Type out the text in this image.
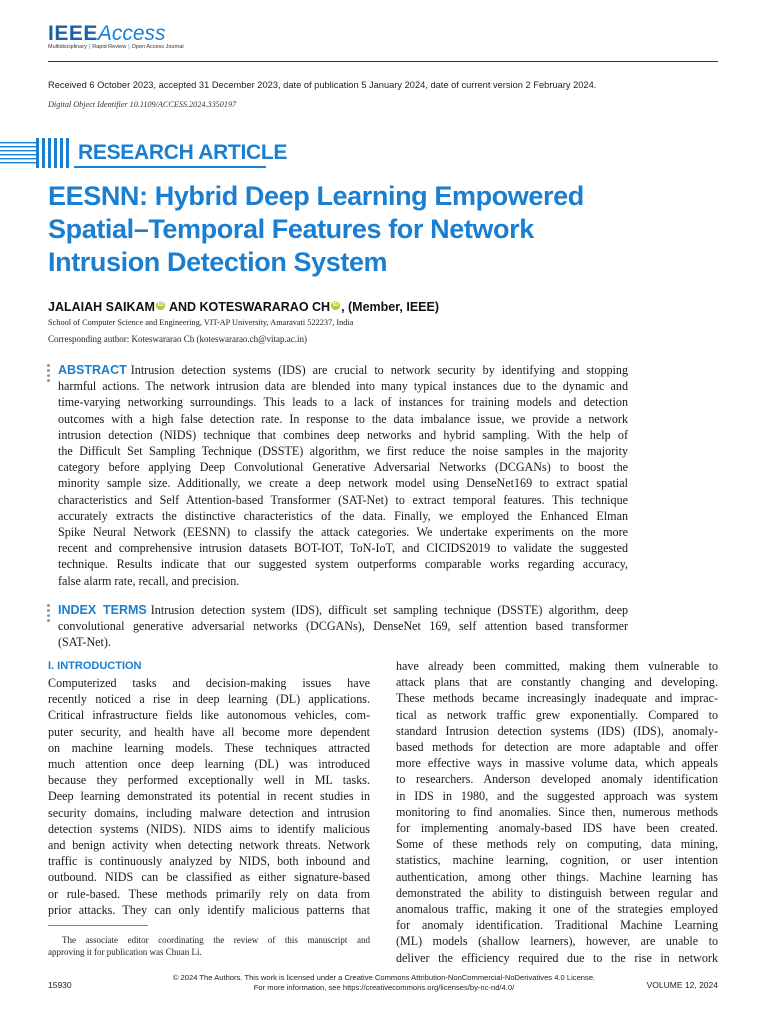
IEEEAccess
Multidisciplinary | Rapid Review | Open Access Journal
Received 6 October 2023, accepted 31 December 2023, date of publication 5 January 2024, date of current version 2 February 2024.
Digital Object Identifier 10.1109/ACCESS.2024.3350197
RESEARCH ARTICLE
EESNN: Hybrid Deep Learning Empowered
Spatial–Temporal Features for Network
Intrusion Detection System
JALAIAH SAIKAM iD AND KOTESWARARAO CH iD , (Member, IEEE)
School of Computer Science and Engineering, VIT-AP University, Amaravati 522237, India
Corresponding author: Koteswararao Ch (koteswararao.ch@vitap.ac.in)
ABSTRACT Intrusion detection systems (IDS) are crucial to network security by identifying and stopping
harmful actions. The network intrusion data are blended into many typical instances due to the dynamic and
time-varying networking surroundings. This leads to a lack of instances for training models and detection
outcomes with a high false detection rate. In response to the data imbalance issue, we provide a network
intrusion detection (NIDS) technique that combines deep networks and hybrid sampling. With the help of
the Difficult Set Sampling Technique (DSSTE) algorithm, we first reduce the noise samples in the majority
category before applying Deep Convolutional Generative Adversarial Networks (DCGANs) to boost the
minority sample size. Additionally, we create a deep network model using DenseNet169 to extract spatial
characteristics and Self Attention-based Transformer (SAT-Net) to extract temporal features. This technique
accurately extracts the distinctive characteristics of the data. Finally, we employed the Enhanced Elman
Spike Neural Network (EESNN) to classify the attack categories. We undertake experiments on the more
recent and comprehensive intrusion datasets BOT-IOT, ToN-IoT, and CICIDS2019 to validate the suggested
technique. Results indicate that our suggested system outperforms comparable works regarding accuracy,
false alarm rate, recall, and precision.
INDEX TERMS Intrusion detection system (IDS), difficult set sampling technique (DSSTE) algorithm, deep
convolutional generative adversarial networks (DCGANs), DenseNet 169, self attention based transformer
(SAT-Net).
I. INTRODUCTION
Computerized tasks and decision-making issues have
recently noticed a rise in deep learning (DL) applications.
Critical infrastructure fields like autonomous vehicles, com-
puter security, and health have all become more dependent
on machine learning models. These techniques attracted
much attention once deep learning (DL) was introduced
because they performed exceptionally well in ML tasks.
Deep learning demonstrated its potential in recent studies in
security domains, including malware detection and intrusion
detection systems (NIDS). NIDS aims to identify malicious
and benign activity when detecting network threats. Network
traffic is continuously analyzed by NIDS, both inbound and
outbound. NIDS can be classified as either signature-based
or rule-based. These methods primarily rely on data from
prior attacks. They can only identify malicious patterns that
have already been committed, making them vulnerable to
attack plans that are constantly changing and developing.
These methods became increasingly inadequate and imprac-
tical as network traffic grew exponentially. Compared to
standard Intrusion detection systems (IDS) (IDS), anomaly-
based methods for detection are more adaptable and offer
more effective ways in massive volume data, which appeals
to researchers. Anderson developed anomaly identification
in IDS in 1980, and the suggested approach was system
monitoring to find anomalies. Since then, numerous methods
for implementing anomaly-based IDS have been created.
Some of these methods rely on computing, data mining,
statistics, machine learning, cognition, or user intention
authentication, among other things. Machine learning has
demonstrated the ability to distinguish between regular and
anomalous traffic, making it one of the strategies employed
for anomaly identification. Traditional Machine Learning
(ML) models (shallow learners), however, are unable to
deliver the efficiency required due to the rise in network
The associate editor coordinating the review of this manuscript and
approving it for publication was Chuan Li.
© 2024 The Authors. This work is licensed under a Creative Commons Attribution-NonCommercial-NoDerivatives 4.0 License.
For more information, see https://creativecommons.org/licenses/by-nc-nd/4.0/
15930	VOLUME 12, 2024
